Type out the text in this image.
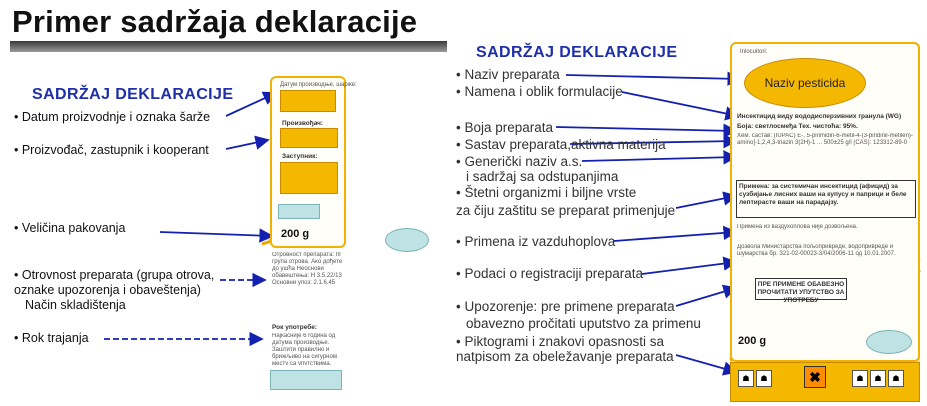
Primer sadržaja deklaracije
SADRŽAJ DEKLARACIJE
• Datum proizvodnje i oznaka šarže
• Proizvođač, zastupnik i kooperant
• Veličina pakovanja
• Otrovnost preparata (grupa otrova, oznake upozorenja i obaveštenja)
Način skladištenja
• Rok trajanja
Датум производње, шарже:
Произвођач:
Заступник:
200 g
Отровност препарата: III група отрова. Ако дођете до ушћа Неоснови обавештења: Н 3.5.22/13 Основни упоз: 2.1.6.45
Рок употребе:
Најкасније 6 година од датума производње. Заштити правилно и брижљиво на сигурном месту са упутствима.
SADRŽAJ DEKLARACIJE
• Naziv preparata
• Namena i oblik formulacije
• Boja preparata
• Sastav preparata,aktivna materija
• Generički naziv a.s.
i sadržaj sa odstupanjima
• Štetni organizmi i biljne vrste
za čiju zaštitu se preparat primenjuje
• Primena iz vazduhoplova
• Podaci o registraciji preparata
• Upozorenje: pre primene preparata
obavezno pročitati uputstvo za primenu
• Piktogrami i znakovi opasnosti sa
natpisom za obeležavanje preparata
Inlocuitori:
Naziv pesticida
Инсектицид виду вододисперзивних гранула (WG)
Боја: светлосмеђа Тех. чистоћа: 95%.
Хем. састав: (IUPAC) E-, 5-pirimidin-6-metil-4-(3-piridinil-metilen)-amino]-1,2,4,3-triazin 3(2H)-1 ... 500±25 g/l (CAS): 123312-89-0
Примена: за системичан инсектицид (афицид) за сузбијање лисних ваши на купусу и паприци и беле лептирасте ваши на парадајзу.
Примена из ваздухоплова није дозвољена.
Дозвола Министарства пољопривреде, водопривреде и шумарства бр. 321-02-00023-3/04/2006-11 од 10.01.2007.
ПРЕ ПРИМЕНЕ ОБАВЕЗНО ПРОЧИТАТИ УПУТСТВО ЗА УПОТРЕБУ
200 g
☗	☗	✖	☗	☗	☗
